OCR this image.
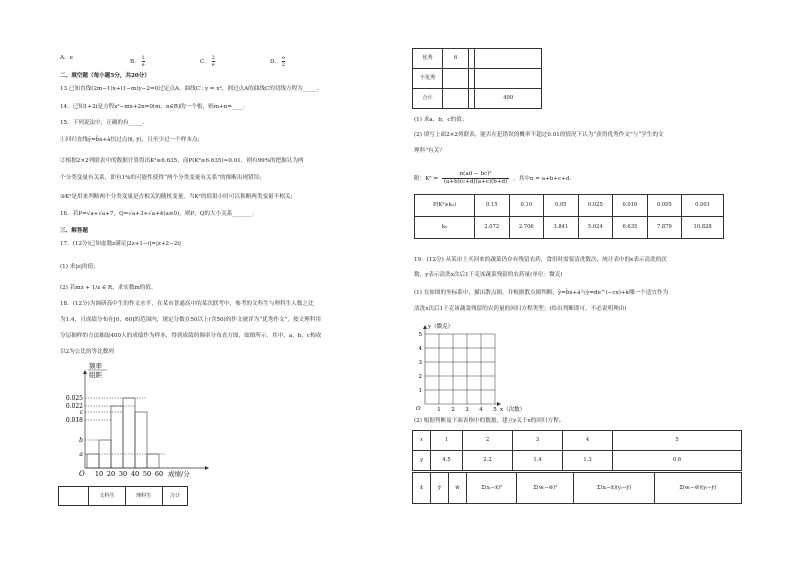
A．e
B． $\frac{1}{e}$	C． $\frac{2}{e}$	D． $\frac{e}{2}$
二、填空题（每小题5分，共20分）
13.已知直线(2m−1)x+(1−m)y−2=0过定点A，曲线C′: y = x²，则过点A的曲线C的切线方程为_____.
14．已知1+2i是方程x²−mx+2n=0(m，n∈R)的一个根，则m+n=____.
15．下列说法中，正确的有_____.
①回归直线ŷ=b̂x+â恒过点(x̄, ȳ)，且至少过一个样本点;
②根据2×2列联表中的数据计算得出K²≥6.635，而P(K²≥6.635)≈0.01，则有99%的把握认为两
个分类变量有关系，即有1%的可能性使得“两个分类变量有关系”的推断出现错误;
③K²是用来判断两个分类变量是否相关的随机变量，当K²的值很小时可以推断两类变量不相关;
16．若P=√a+√a+7，Q=√a+3+√a+4(a≥0)，则P，Q的大小关系_______.
三、解答题
17．(12分)已知虚数z满足|2z+1−i|=|z+2−2i|
(1) 求|z|的值；
(2) 若mz + 1/z ∈ R，求实数m的值。
18．(12分)为调研高中生的作文水平，在某市普通高中的某次联考中，参考的文科生与理科生人数之比
为1:4，且成绩分布在[0，60]的范围内，规定分数在50以上(含50)的作文被评为“优秀作文”，按文理科用
分层抽样的方法抽取400人的成绩作为样本，得到成绩的频率分布直方图，如图所示．其中，a，b，c构成
以2为公比的等比数列
频率
组距
0.025
0.022
c
0.018
b
a
O 10 20 30 40 50 60 成绩/分
	文科生	理科生	合计
优秀	6		
不优秀			
合计			400
(1) 求a，b，c的值；
(2) 填写上面2×2列联表，能否在犯错误的概率不超过0.01的情况下认为“获得优秀作文”与“学生的文
理科”有关？
附：$K^2 = \frac{\text{n(ad − bc)²}}{(a+b)(c+d)(a+c)(b+d)}$ ，其中n = a+b+c+d.
P(K²≥k₀)	0.15	0.10	0.05	0.025	0.010	0.005	0.001
k₀	2.072	2.706	3.841	5.024	6.635	7.879	10.828
19．(12分) 从某市上买回来的蔬菜仍存有残留农药，食用时需要清洗数次，统计表中的x表示清洗的次
数，y表示清洗x次后1千克该蔬菜残留的农药量(单位：微克)
(1) 在如图的坐标系中，描出散点图，并根据散点图判断，ŷ=b̂x+â与ŷ=de^(−cx)+k哪一个适宜作为
清洗x次后1千克该蔬菜残留的农药量的回归方程类型；(给出判断即可，不必说明理由)
y（微克）
O
5
4
3
2
1
1 2 3 4 5 x（次数）
(2) 根据判断及下面表格中的数据，建立y关于x的回归方程；
x	1	2	3	4	5
y	4.5	2.2	1.4	1.3	0.6
x̄	ȳ	w̄	Σ(xᵢ−x̄)²	Σ(wᵢ−w̄)²	Σ(xᵢ−x̄)(yᵢ−ȳ)	Σ(wᵢ−w̄)(yᵢ−ȳ)
